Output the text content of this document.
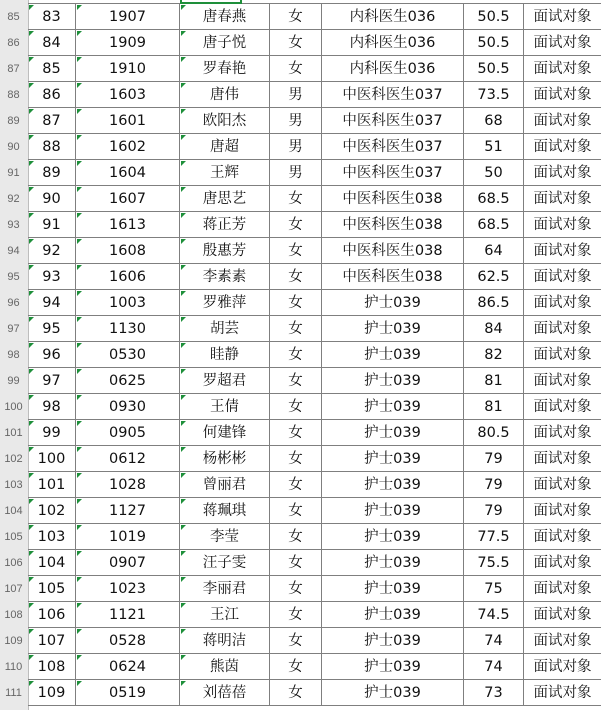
85	83	1907	唐春燕	女	内科医生036	50.5	面试对象
86	84	1909	唐子悦	女	内科医生036	50.5	面试对象
87	85	1910	罗春艳	女	内科医生036	50.5	面试对象
88	86	1603	唐伟	男	中医科医生037	73.5	面试对象
89	87	1601	欧阳杰	男	中医科医生037	68	面试对象
90	88	1602	唐超	男	中医科医生037	51	面试对象
91	89	1604	王辉	男	中医科医生037	50	面试对象
92	90	1607	唐思艺	女	中医科医生038	68.5	面试对象
93	91	1613	蒋正芳	女	中医科医生038	68.5	面试对象
94	92	1608	殷惠芳	女	中医科医生038	64	面试对象
95	93	1606	李素素	女	中医科医生038	62.5	面试对象
96	94	1003	罗雅萍	女	护士039	86.5	面试对象
97	95	1130	胡芸	女	护士039	84	面试对象
98	96	0530	眭静	女	护士039	82	面试对象
99	97	0625	罗超君	女	护士039	81	面试对象
100	98	0930	王倩	女	护士039	81	面试对象
101	99	0905	何建锋	女	护士039	80.5	面试对象
102	100	0612	杨彬彬	女	护士039	79	面试对象
103	101	1028	曾丽君	女	护士039	79	面试对象
104	102	1127	蒋珮琪	女	护士039	79	面试对象
105	103	1019	李莹	女	护士039	77.5	面试对象
106	104	0907	汪子雯	女	护士039	75.5	面试对象
107	105	1023	李丽君	女	护士039	75	面试对象
108	106	1121	王江	女	护士039	74.5	面试对象
109	107	0528	蒋明洁	女	护士039	74	面试对象
110	108	0624	熊茵	女	护士039	74	面试对象
111	109	0519	刘蓓蓓	女	护士039	73	面试对象
